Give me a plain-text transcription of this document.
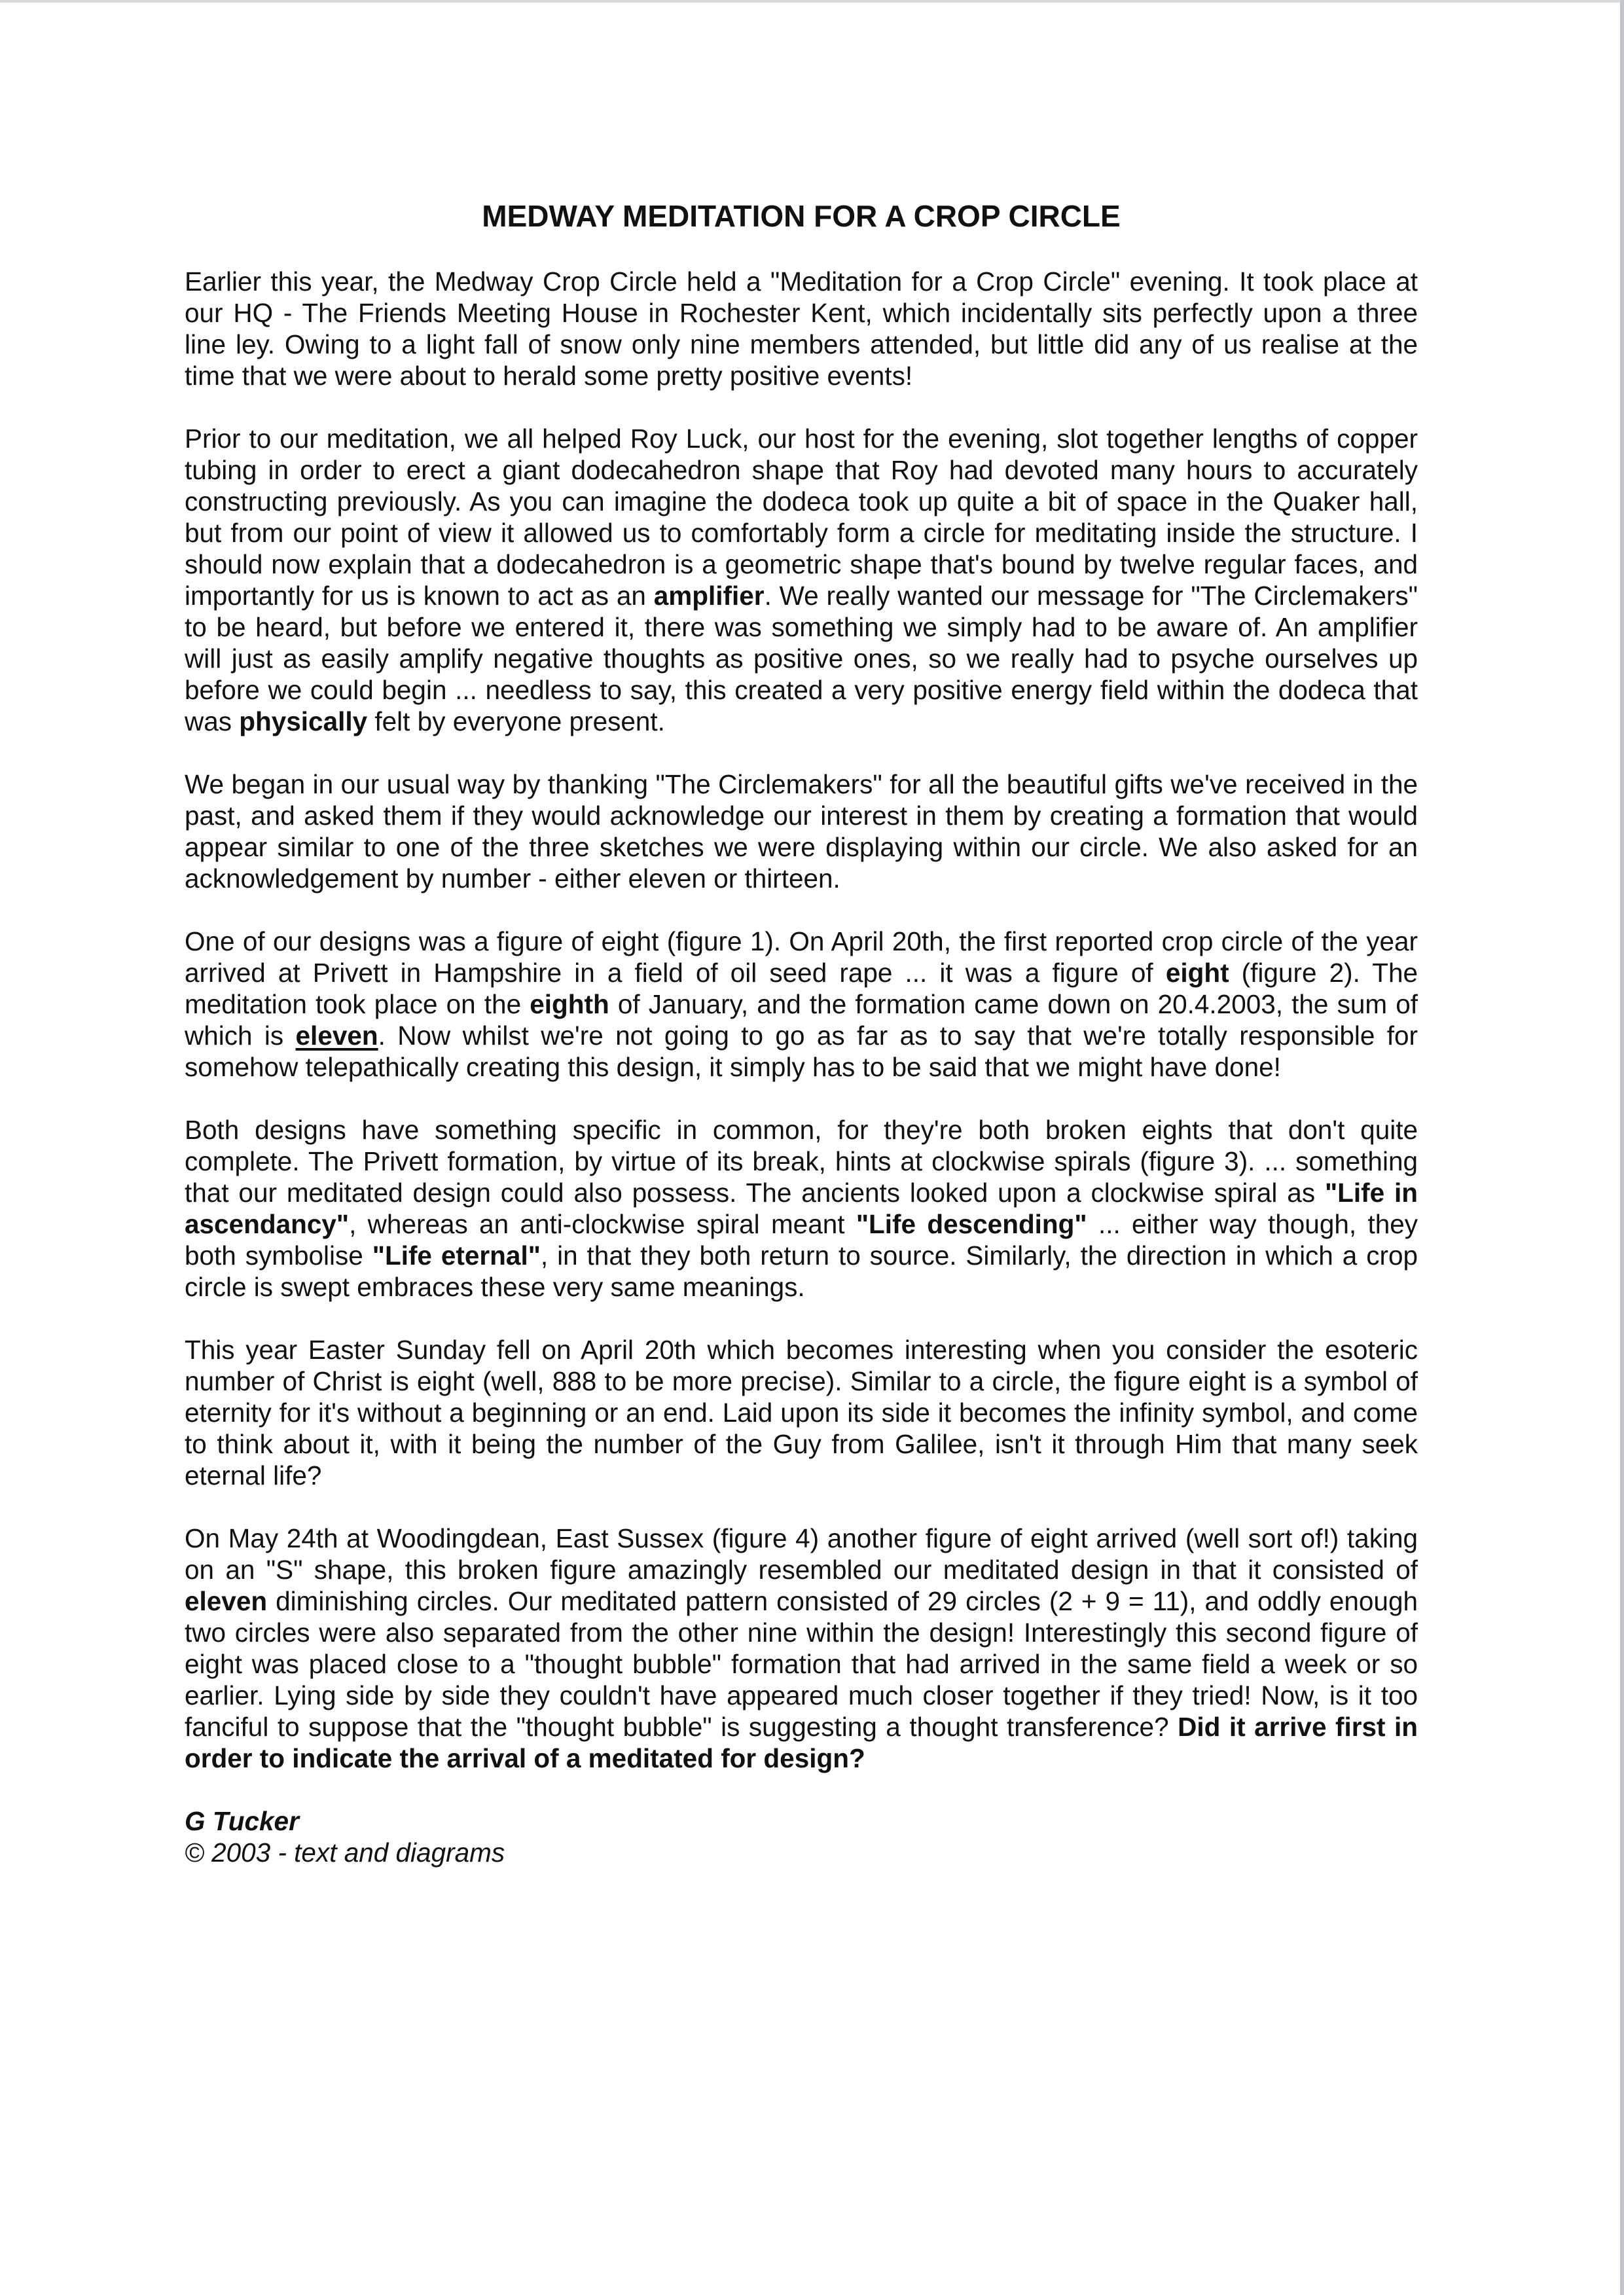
MEDWAY MEDITATION FOR A CROP CIRCLE

Earlier this year, the Medway Crop Circle held a "Meditation for a Crop Circle" evening. It took place at our HQ - The Friends Meeting House in Rochester Kent, which incidentally sits perfectly upon a three line ley. Owing to a light fall of snow only nine members attended, but little did any of us realise at the time that we were about to herald some pretty positive events!

Prior to our meditation, we all helped Roy Luck, our host for the evening, slot together lengths of copper tubing in order to erect a giant dodecahedron shape that Roy had devoted many hours to accurately constructing previously. As you can imagine the dodeca took up quite a bit of space in the Quaker hall, but from our point of view it allowed us to comfortably form a circle for meditating inside the structure. I should now explain that a dodecahedron is a geometric shape that's bound by twelve regular faces, and importantly for us is known to act as an amplifier. We really wanted our message for "The Circlemakers" to be heard, but before we entered it, there was something we simply had to be aware of. An amplifier will just as easily amplify negative thoughts as positive ones, so we really had to psyche ourselves up before we could begin ... needless to say, this created a very positive energy field within the dodeca that was physically felt by everyone present.

We began in our usual way by thanking "The Circlemakers" for all the beautiful gifts we've received in the past, and asked them if they would acknowledge our interest in them by creating a formation that would appear similar to one of the three sketches we were displaying within our circle. We also asked for an acknowledgement by number - either eleven or thirteen.

One of our designs was a figure of eight (figure 1). On April 20th, the first reported crop circle of the year arrived at Privett in Hampshire in a field of oil seed rape ... it was a figure of eight (figure 2). The meditation took place on the eighth of January, and the formation came down on 20.4.2003, the sum of which is eleven. Now whilst we're not going to go as far as to say that we're totally responsible for somehow telepathically creating this design, it simply has to be said that we might have done!

Both designs have something specific in common, for they're both broken eights that don't quite complete. The Privett formation, by virtue of its break, hints at clockwise spirals (figure 3). ... something that our meditated design could also possess. The ancients looked upon a clockwise spiral as "Life in ascendancy", whereas an anti-clockwise spiral meant "Life descending" ... either way though, they both symbolise "Life eternal", in that they both return to source. Similarly, the direction in which a crop circle is swept embraces these very same meanings.

This year Easter Sunday fell on April 20th which becomes interesting when you consider the esoteric number of Christ is eight (well, 888 to be more precise). Similar to a circle, the figure eight is a symbol of eternity for it's without a beginning or an end. Laid upon its side it becomes the infinity symbol, and come to think about it, with it being the number of the Guy from Galilee, isn't it through Him that many seek eternal life?

On May 24th at Woodingdean, East Sussex (figure 4) another figure of eight arrived (well sort of!) taking on an "S" shape, this broken figure amazingly resembled our meditated design in that it consisted of eleven diminishing circles. Our meditated pattern consisted of 29 circles (2 + 9 = 11), and oddly enough two circles were also separated from the other nine within the design! Interestingly this second figure of eight was placed close to a "thought bubble" formation that had arrived in the same field a week or so earlier. Lying side by side they couldn't have appeared much closer together if they tried! Now, is it too fanciful to suppose that the "thought bubble" is suggesting a thought transference? Did it arrive first in order to indicate the arrival of a meditated for design?

G Tucker
© 2003 - text and diagrams
